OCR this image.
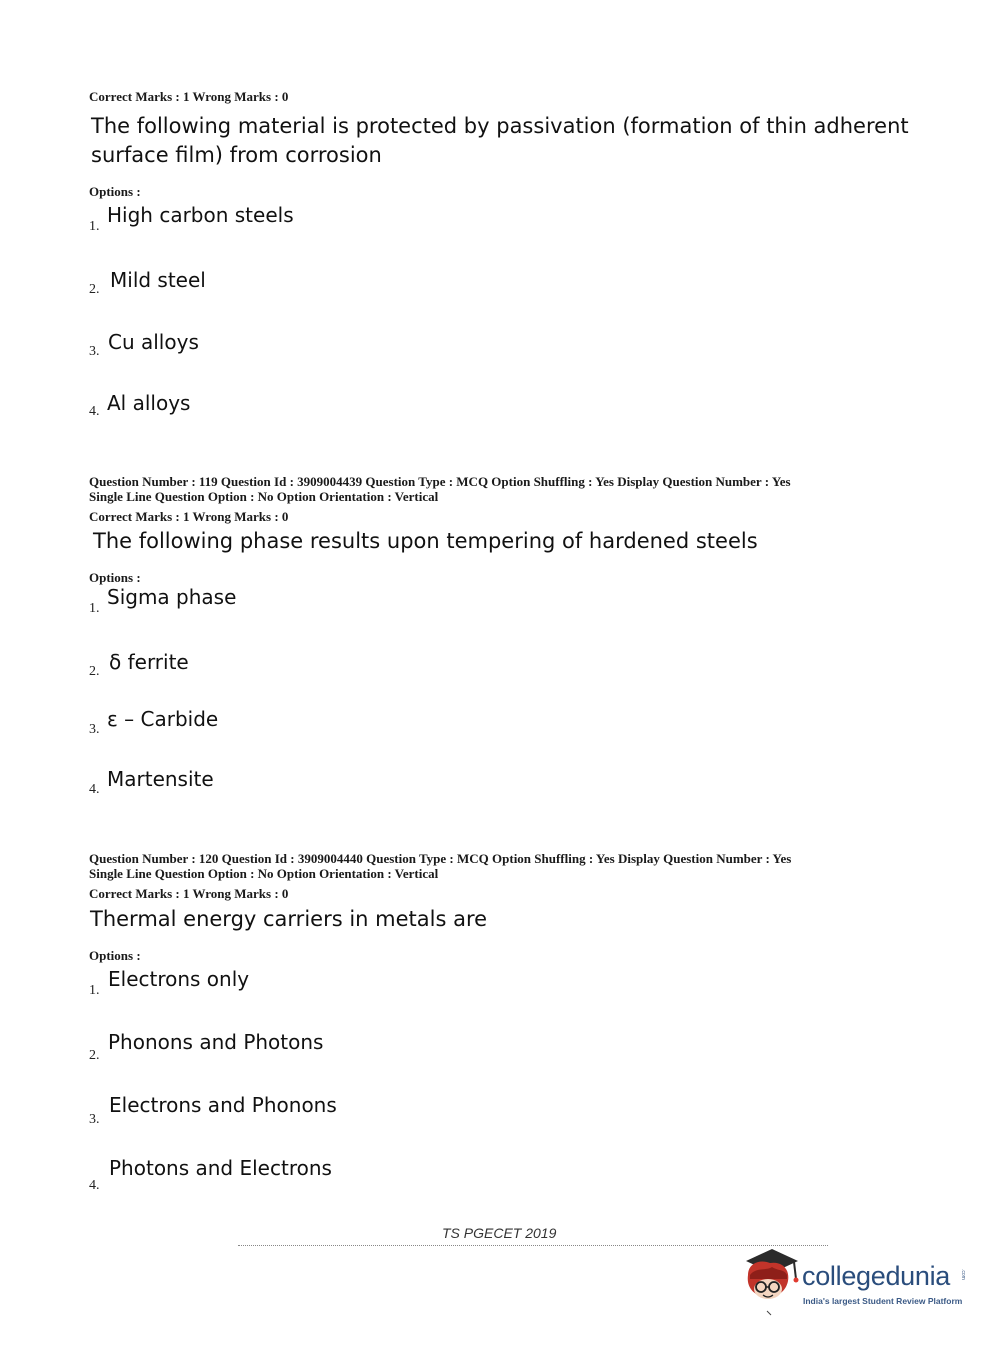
Correct Marks : 1 Wrong Marks : 0
The following material is protected by passivation (formation of thin adherent
surface film) from corrosion
Options :
1. High carbon steels
2. Mild steel
3. Cu alloys
4. Al alloys
Question Number : 119 Question Id : 3909004439 Question Type : MCQ Option Shuffling : Yes Display Question Number : Yes
Single Line Question Option : No Option Orientation : Vertical
Correct Marks : 1 Wrong Marks : 0
The following phase results upon tempering of hardened steels
Options :
1. Sigma phase
2. δ ferrite
3. ε – Carbide
4. Martensite
Question Number : 120 Question Id : 3909004440 Question Type : MCQ Option Shuffling : Yes Display Question Number : Yes
Single Line Question Option : No Option Orientation : Vertical
Correct Marks : 1 Wrong Marks : 0
Thermal energy carriers in metals are
Options :
1. Electrons only
2.
Phonons and Photons
3.
Electrons and Phonons
4.
Photons and Electrons
TS PGECET 2019
collegedunia .com
India's largest Student Review Platform
